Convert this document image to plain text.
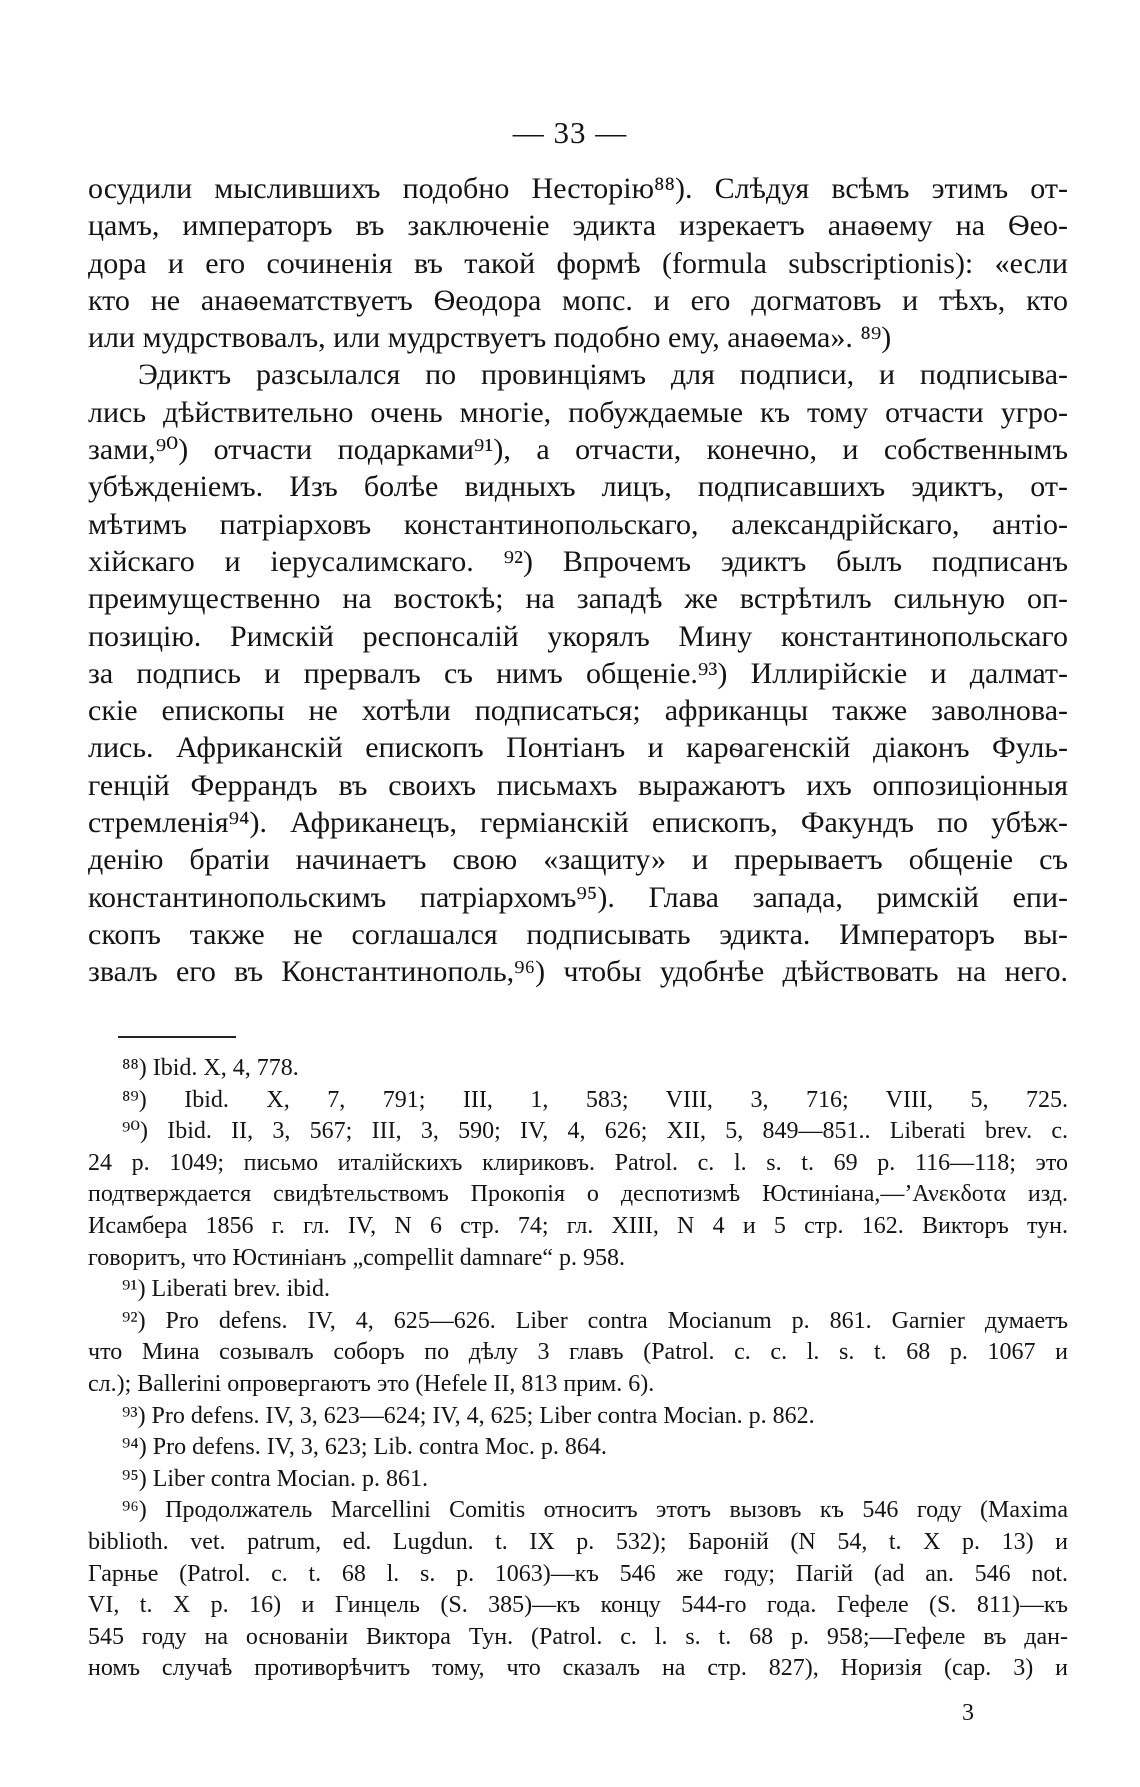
— 33 —
осудили мыслившихъ подобно Несторію⁸⁸). Слѣдуя всѣмъ этимъ от-
цамъ, императоръ въ заключеніе эдикта изрекаетъ анаѳему на Ѳео-
дора и его сочиненія въ такой формѣ (formula subscriptionis): «если
кто не анаѳематствуетъ Ѳеодора мопс. и его догматовъ и тѣхъ, кто
или мудрствовалъ, или мудрствуетъ подобно ему, анаѳема». ⁸⁹)
Эдиктъ разсылался по провинціямъ для подписи, и подписыва-
лись дѣйствительно очень многіе, побуждаемые къ тому отчасти угро-
зами,⁹⁰) отчасти подарками⁹¹), а отчасти, конечно, и собственнымъ
убѣжденіемъ. Изъ болѣе видныхъ лицъ, подписавшихъ эдиктъ, от-
мѣтимъ патріарховъ константинопольскаго, александрійскаго, антіо-
хійскаго и іерусалимскаго. ⁹²) Впрочемъ эдиктъ былъ подписанъ
преимущественно на востокѣ; на западѣ же встрѣтилъ сильную оп-
позицію. Римскій респонсалій укорялъ Мину константинопольскаго
за подпись и прервалъ съ нимъ общеніе.⁹³) Иллирійскіе и далмат-
скіе епископы не хотѣли подписаться; африканцы также заволнова-
лись. Африканскій епископъ Понтіанъ и карѳагенскій діаконъ Фуль-
генцій Феррандъ въ своихъ письмахъ выражаютъ ихъ оппозиціонныя
стремленія⁹⁴). Африканецъ, герміанскій епископъ, Факундъ по убѣж-
денію братіи начинаетъ свою «защиту» и прерываетъ общеніе съ
константинопольскимъ патріархомъ⁹⁵). Глава запада, римскій епи-
скопъ также не соглашался подписывать эдикта. Императоръ вы-
звалъ его въ Константинополь,⁹⁶) чтобы удобнѣе дѣйствовать на него.
⁸⁸) Ibid. X, 4, 778.
⁸⁹) Ibid. X, 7, 791; III, 1, 583; VIII, 3, 716; VIII, 5, 725.
⁹⁰) Ibid. II, 3, 567; III, 3, 590; IV, 4, 626; XII, 5, 849—851.. Liberati brev. c.
24 p. 1049; письмо италійскихъ клириковъ. Patrol. c. l. s. t. 69 p. 116—118; это
подтверждается свидѣтельствомъ Прокопія о деспотизмѣ Юстиніана,—’Ανεκδοτα изд.
Исамбера 1856 г. гл. IV, N 6 стр. 74; гл. XIII, N 4 и 5 стр. 162. Викторъ тун.
говоритъ, что Юстиніанъ „compellit damnare“ p. 958.
⁹¹) Liberati brev. ibid.
⁹²) Pro defens. IV, 4, 625—626. Liber contra Mocianum p. 861. Garnier думаетъ
что Мина созывалъ соборъ по дѣлу 3 главъ (Patrol. c. c. l. s. t. 68 p. 1067 и
сл.); Ballerini опровергаютъ это (Hefele II, 813 прим. 6).
⁹³) Pro defens. IV, 3, 623—624; IV, 4, 625; Liber contra Mocian. p. 862.
⁹⁴) Pro defens. IV, 3, 623; Lib. contra Moc. p. 864.
⁹⁵) Liber contra Mocian. p. 861.
⁹⁶) Продолжатель Marcellini Comitis относитъ этотъ вызовъ къ 546 году (Maxima
biblioth. vet. patrum, ed. Lugdun. t. IX p. 532); Бароній (N 54, t. X p. 13) и
Гарнье (Patrol. c. t. 68 l. s. p. 1063)—къ 546 же году; Пагій (ad an. 546 not.
VI, t. X p. 16) и Гинцель (S. 385)—къ концу 544-го года. Гефеле (S. 811)—къ
545 году на основаніи Виктора Тун. (Patrol. c. l. s. t. 68 p. 958;—Гефеле въ дан-
номъ случаѣ противорѣчитъ тому, что сказалъ на стр. 827), Норизія (cap. 3) и
3
